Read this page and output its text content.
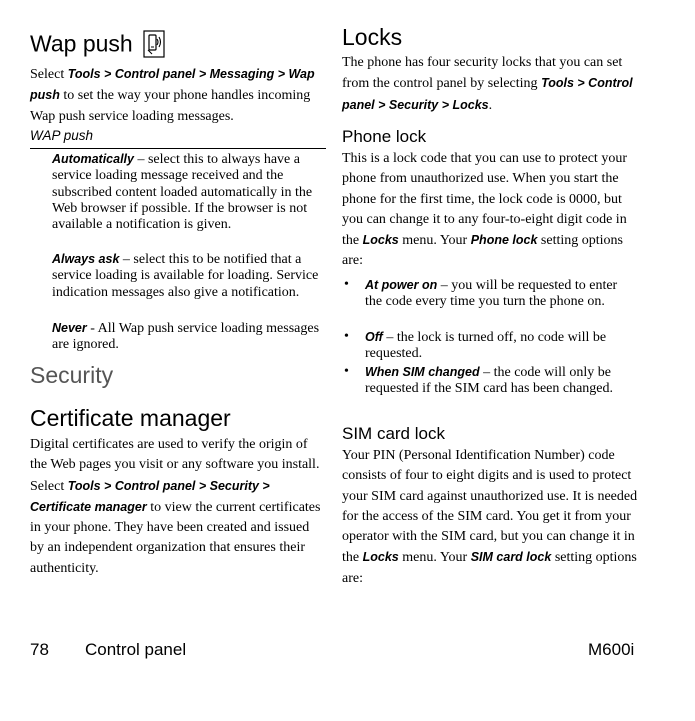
Wap push
Select Tools > Control panel > Messaging > Wap push to set the way your phone handles incoming Wap push service loading messages.
WAP push
Automatically – select this to always have a service loading message received and the subscribed content loaded automatically in the Web browser if possible. If the browser is not available a notification is given.
Always ask – select this to be notified that a service loading is available for loading. Service indication messages also give a notification.
Never - All Wap push service loading messages are ignored.
Security
Certificate manager
Digital certificates are used to verify the origin of the Web pages you visit or any software you install. Select Tools > Control panel > Security > Certificate manager to view the current certificates in your phone. They have been created and issued by an independent organization that ensures their authenticity.
Locks
The phone has four security locks that you can set from the control panel by selecting Tools > Control panel > Security > Locks.
Phone lock
This is a lock code that you can use to protect your phone from unauthorized use. When you start the phone for the first time, the lock code is 0000, but you can change it to any four-to-eight digit code in the Locks menu. Your Phone lock setting options are:
• At power on – you will be requested to enter the code every time you turn the phone on.
• Off – the lock is turned off, no code will be requested.
• When SIM changed – the code will only be requested if the SIM card has been changed.
SIM card lock
Your PIN (Personal Identification Number) code consists of four to eight digits and is used to protect your SIM card against unauthorized use. It is needed for the access of the SIM card. You get it from your operator with the SIM card, but you can change it in the Locks menu. Your SIM card lock setting options are:
78 Control panel	M600i
